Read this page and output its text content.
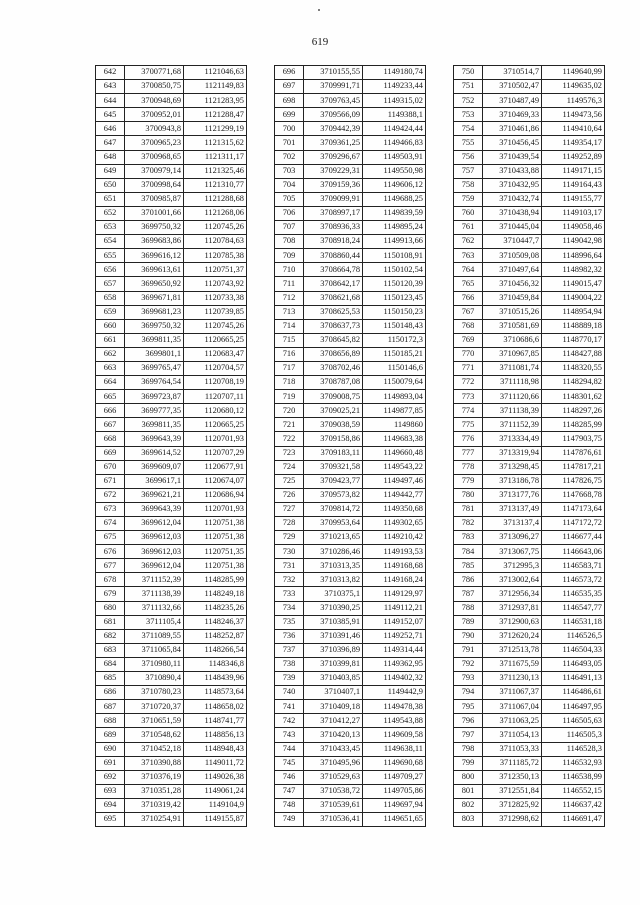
619
642	3700771,68	1121046,63
643	3700850,75	1121149,83
644	3700948,69	1121283,95
645	3700952,01	1121288,47
646	3700943,8	1121299,19
647	3700965,23	1121315,62
648	3700968,65	1121311,17
649	3700979,14	1121325,46
650	3700998,64	1121310,77
651	3700985,87	1121288,68
652	3701001,66	1121268,06
653	3699750,32	1120745,26
654	3699683,86	1120784,63
655	3699616,12	1120785,38
656	3699613,61	1120751,37
657	3699650,92	1120743,92
658	3699671,81	1120733,38
659	3699681,23	1120739,85
660	3699750,32	1120745,26
661	3699811,35	1120665,25
662	3699801,1	1120683,47
663	3699765,47	1120704,57
664	3699764,54	1120708,19
665	3699723,87	1120707,11
666	3699777,35	1120680,12
667	3699811,35	1120665,25
668	3699643,39	1120701,93
669	3699614,52	1120707,29
670	3699609,07	1120677,91
671	3699617,1	1120674,07
672	3699621,21	1120686,94
673	3699643,39	1120701,93
674	3699612,04	1120751,38
675	3699612,03	1120751,38
676	3699612,03	1120751,35
677	3699612,04	1120751,38
678	3711152,39	1148285,99
679	3711138,39	1148249,18
680	3711132,66	1148235,26
681	3711105,4	1148246,37
682	3711089,55	1148252,87
683	3711065,84	1148266,54
684	3710980,11	1148346,8
685	3710890,4	1148439,96
686	3710780,23	1148573,64
687	3710720,37	1148658,02
688	3710651,59	1148741,77
689	3710548,62	1148856,13
690	3710452,18	1148948,43
691	3710390,88	1149011,72
692	3710376,19	1149026,38
693	3710351,28	1149061,24
694	3710319,42	1149104,9
695	3710254,91	1149155,87
696	3710155,55	1149180,74
697	3709991,71	1149233,44
698	3709763,45	1149315,02
699	3709566,09	1149388,1
700	3709442,39	1149424,44
701	3709361,25	1149466,83
702	3709296,67	1149503,91
703	3709229,31	1149550,98
704	3709159,36	1149606,12
705	3709099,91	1149688,25
706	3708997,17	1149839,59
707	3708936,33	1149895,24
708	3708918,24	1149913,66
709	3708860,44	1150108,91
710	3708664,78	1150102,54
711	3708642,17	1150120,39
712	3708621,68	1150123,45
713	3708625,53	1150150,23
714	3708637,73	1150148,43
715	3708645,82	1150172,3
716	3708656,89	1150185,21
717	3708702,46	1150146,6
718	3708787,08	1150079,64
719	3709008,75	1149893,04
720	3709025,21	1149877,85
721	3709038,59	1149860
722	3709158,86	1149683,38
723	3709183,11	1149660,48
724	3709321,58	1149543,22
725	3709423,77	1149497,46
726	3709573,82	1149442,77
727	3709814,72	1149350,68
728	3709953,64	1149302,65
729	3710213,65	1149210,42
730	3710286,46	1149193,53
731	3710313,35	1149168,68
732	3710313,82	1149168,24
733	3710375,1	1149129,97
734	3710390,25	1149112,21
735	3710385,91	1149152,07
736	3710391,46	1149252,71
737	3710396,89	1149314,44
738	3710399,81	1149362,95
739	3710403,85	1149402,32
740	3710407,1	1149442,9
741	3710409,18	1149478,38
742	3710412,27	1149543,88
743	3710420,13	1149609,58
744	3710433,45	1149638,11
745	3710495,96	1149690,68
746	3710529,63	1149709,27
747	3710538,72	1149705,86
748	3710539,61	1149697,94
749	3710536,41	1149651,65
750	3710514,7	1149640,99
751	3710502,47	1149635,02
752	3710487,49	1149576,3
753	3710469,33	1149473,56
754	3710461,86	1149410,64
755	3710456,45	1149354,17
756	3710439,54	1149252,89
757	3710433,88	1149171,15
758	3710432,95	1149164,43
759	3710432,74	1149155,77
760	3710438,94	1149103,17
761	3710445,04	1149058,46
762	3710447,7	1149042,98
763	3710509,08	1148996,64
764	3710497,64	1148982,32
765	3710456,32	1149015,47
766	3710459,84	1149004,22
767	3710515,26	1148954,94
768	3710581,69	1148889,18
769	3710686,6	1148770,17
770	3710967,85	1148427,88
771	3711081,74	1148320,55
772	3711118,98	1148294,82
773	3711120,66	1148301,62
774	3711138,39	1148297,26
775	3711152,39	1148285,99
776	3713334,49	1147903,75
777	3713319,94	1147876,61
778	3713298,45	1147817,21
779	3713186,78	1147826,75
780	3713177,76	1147668,78
781	3713137,49	1147173,64
782	3713137,4	1147172,72
783	3713096,27	1146677,44
784	3713067,75	1146643,06
785	3712995,3	1146583,71
786	3713002,64	1146573,72
787	3712956,34	1146535,35
788	3712937,81	1146547,77
789	3712900,63	1146531,18
790	3712620,24	1146526,5
791	3712513,78	1146504,33
792	3711675,59	1146493,05
793	3711230,13	1146491,13
794	3711067,37	1146486,61
795	3711067,04	1146497,95
796	3711063,25	1146505,63
797	3711054,13	1146505,3
798	3711053,33	1146528,3
799	3711185,72	1146532,93
800	3712350,13	1146538,99
801	3712551,84	1146552,15
802	3712825,92	1146637,42
803	3712998,62	1146691,47
